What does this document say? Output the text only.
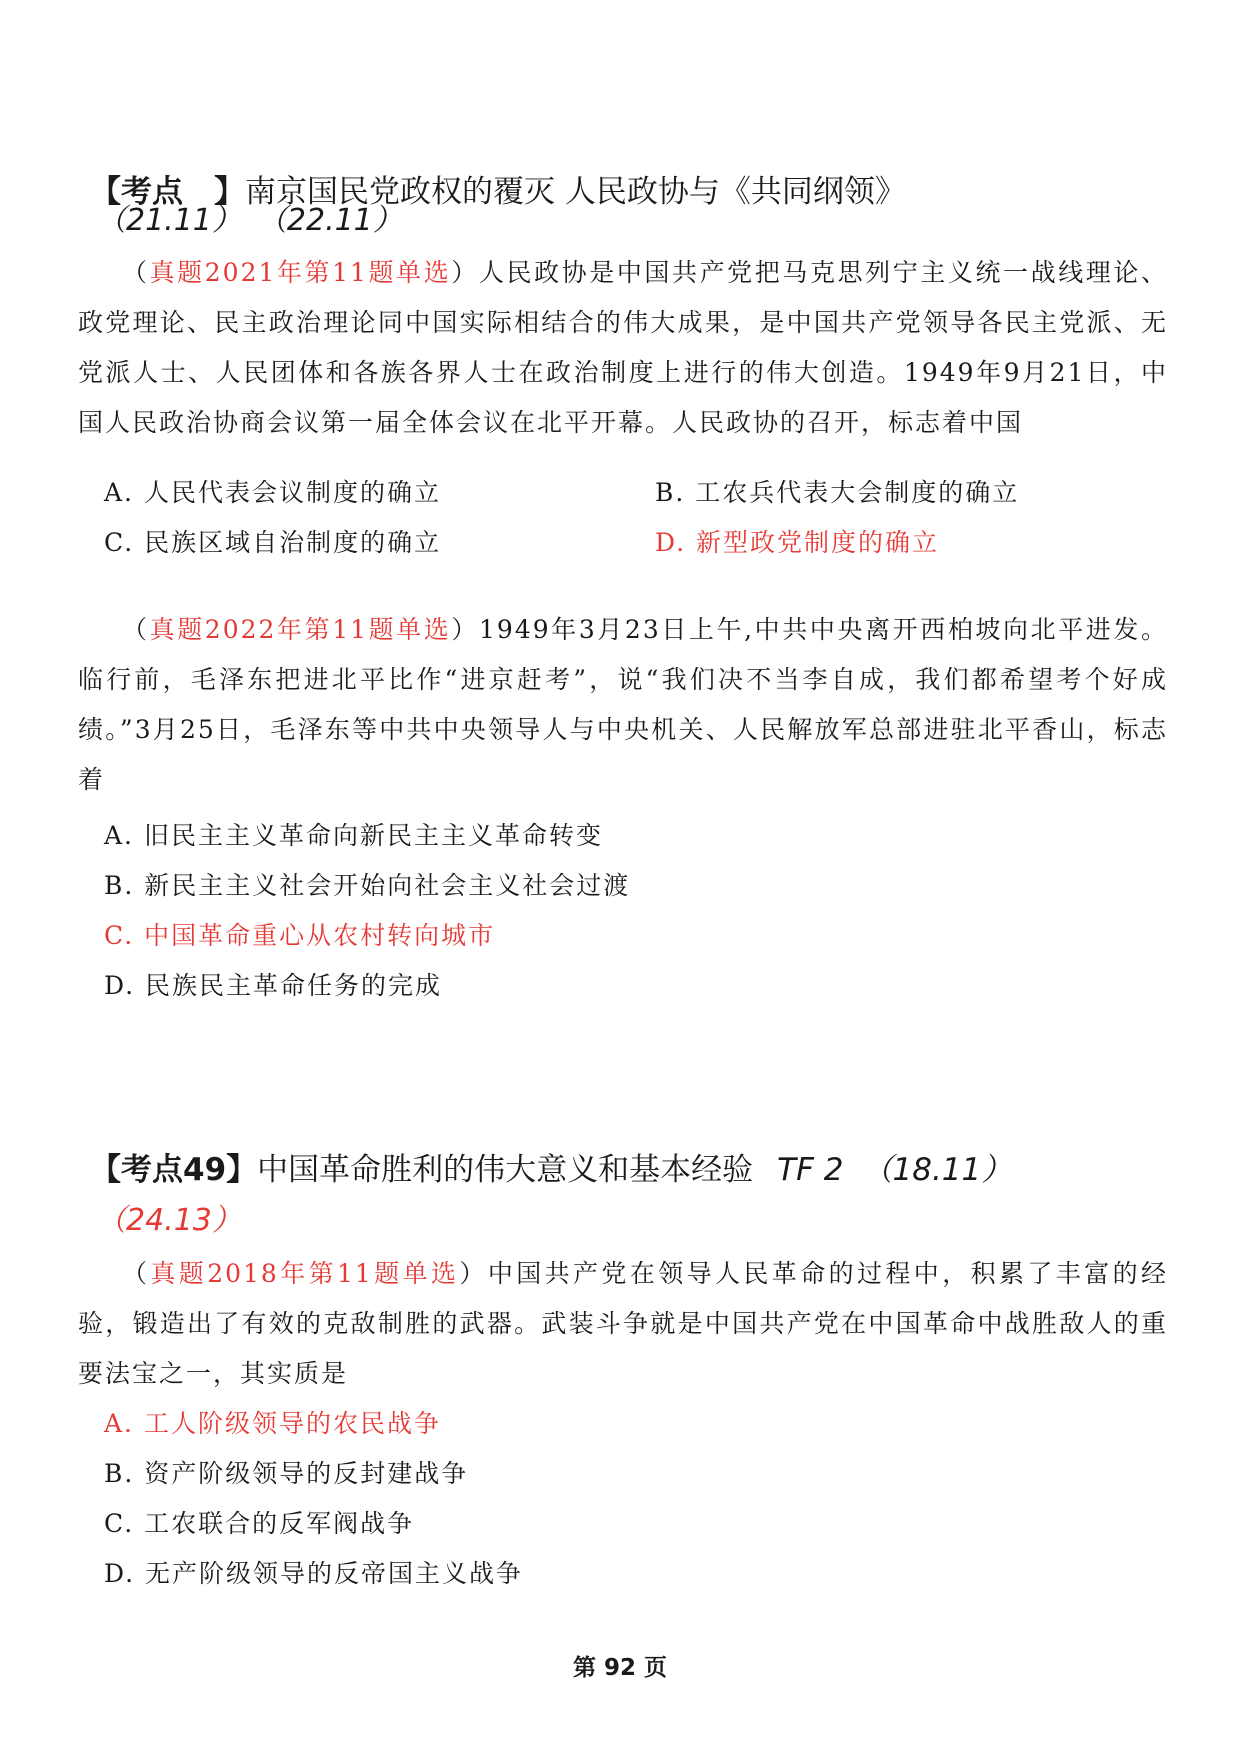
【考点　】南京国民党政权的覆灭 人民政协与《共同纲领》
（21.11） （22.11）
（真题2021年第11题单选）人民政协是中国共产党把马克思列宁主义统一战线理论、政党理论、民主政治理论同中国实际相结合的伟大成果，是中国共产党领导各民主党派、无党派人士、人民团体和各族各界人士在政治制度上进行的伟大创造。1949年9月21日，中国人民政治协商会议第一届全体会议在北平开幕。人民政协的召开，标志着中国
A. 人民代表会议制度的确立	B. 工农兵代表大会制度的确立
C. 民族区域自治制度的确立	D. 新型政党制度的确立
（真题2022年第11题单选）1949年3月23日上午,中共中央离开西柏坡向北平进发。临行前，毛泽东把进北平比作“进京赶考”，说“我们决不当李自成，我们都希望考个好成绩。”3月25日，毛泽东等中共中央领导人与中央机关、人民解放军总部进驻北平香山，标志着
A. 旧民主主义革命向新民主主义革命转变
B. 新民主主义社会开始向社会主义社会过渡
C. 中国革命重心从农村转向城市
D. 民族民主革命任务的完成
【考点49】中国革命胜利的伟大意义和基本经验 TF 2 （18.11）
（24.13）
（真题2018年第11题单选）中国共产党在领导人民革命的过程中，积累了丰富的经验，锻造出了有效的克敌制胜的武器。武装斗争就是中国共产党在中国革命中战胜敌人的重要法宝之一，其实质是
A. 工人阶级领导的农民战争
B. 资产阶级领导的反封建战争
C. 工农联合的反军阀战争
D. 无产阶级领导的反帝国主义战争
第 92 页
